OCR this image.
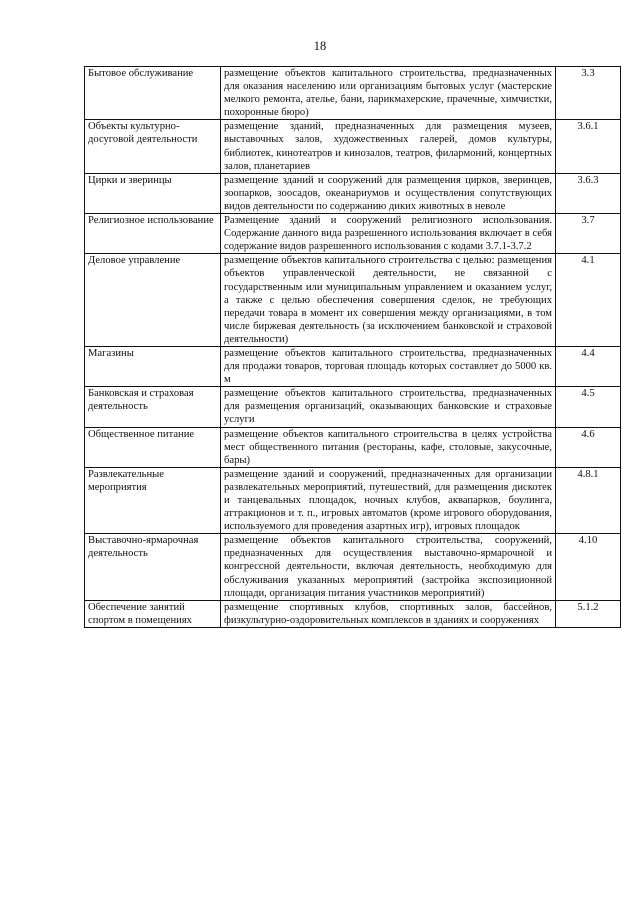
18
Бытовое обслуживание	размещение объектов капитального строительства, предназначенных для оказания населению или организациям бытовых услуг (мастерские мелкого ремонта, ателье, бани, парикмахерские, прачечные, химчистки, похоронные бюро)	3.3
Объекты культурно-досуговой деятельности	размещение зданий, предназначенных для размещения музеев, выставочных залов, художественных галерей, домов культуры, библиотек, кинотеатров и кинозалов, театров, филармоний, концертных залов, планетариев	3.6.1
Цирки и зверинцы	размещение зданий и сооружений для размещения цирков, зверинцев, зоопарков, зоосадов, океанариумов и осуществления сопутствующих видов деятельности по содержанию диких животных в неволе	3.6.3
Религиозное использование	Размещение зданий и сооружений религиозного использования. Содержание данного вида разрешенного использования включает в себя содержание видов разрешенного использования с кодами 3.7.1-3.7.2	3.7
Деловое управление	размещение объектов капитального строительства с целью: размещения объектов управленческой деятельности, не связанной с государственным или муниципальным управлением и оказанием услуг, а также с целью обеспечения совершения сделок, не требующих передачи товара в момент их совершения между организациями, в том числе биржевая деятельность (за исключением банковской и страховой деятельности)	4.1
Магазины	размещение объектов капитального строительства, предназначенных для продажи товаров, торговая площадь которых составляет до 5000 кв. м	4.4
Банковская и страховая деятельность	размещение объектов капитального строительства, предназначенных для размещения организаций, оказывающих банковские и страховые услуги	4.5
Общественное питание	размещение объектов капитального строительства в целях устройства мест общественного питания (рестораны, кафе, столовые, закусочные, бары)	4.6
Развлекательные мероприятия	размещение зданий и сооружений, предназначенных для организации развлекательных мероприятий, путешествий, для размещения дискотек и танцевальных площадок, ночных клубов, аквапарков, боулинга, аттракционов и т. п., игровых автоматов (кроме игрового оборудования, используемого для проведения азартных игр), игровых площадок	4.8.1
Выставочно-ярмарочная деятельность	размещение объектов капитального строительства, сооружений, предназначенных для осуществления выставочно-ярмарочной и конгрессной деятельности, включая деятельность, необходимую для обслуживания указанных мероприятий (застройка экспозиционной площади, организация питания участников мероприятий)	4.10
Обеспечение занятий спортом в помещениях	размещение спортивных клубов, спортивных залов, бассейнов, физкультурно-оздоровительных комплексов в зданиях и сооружениях	5.1.2
